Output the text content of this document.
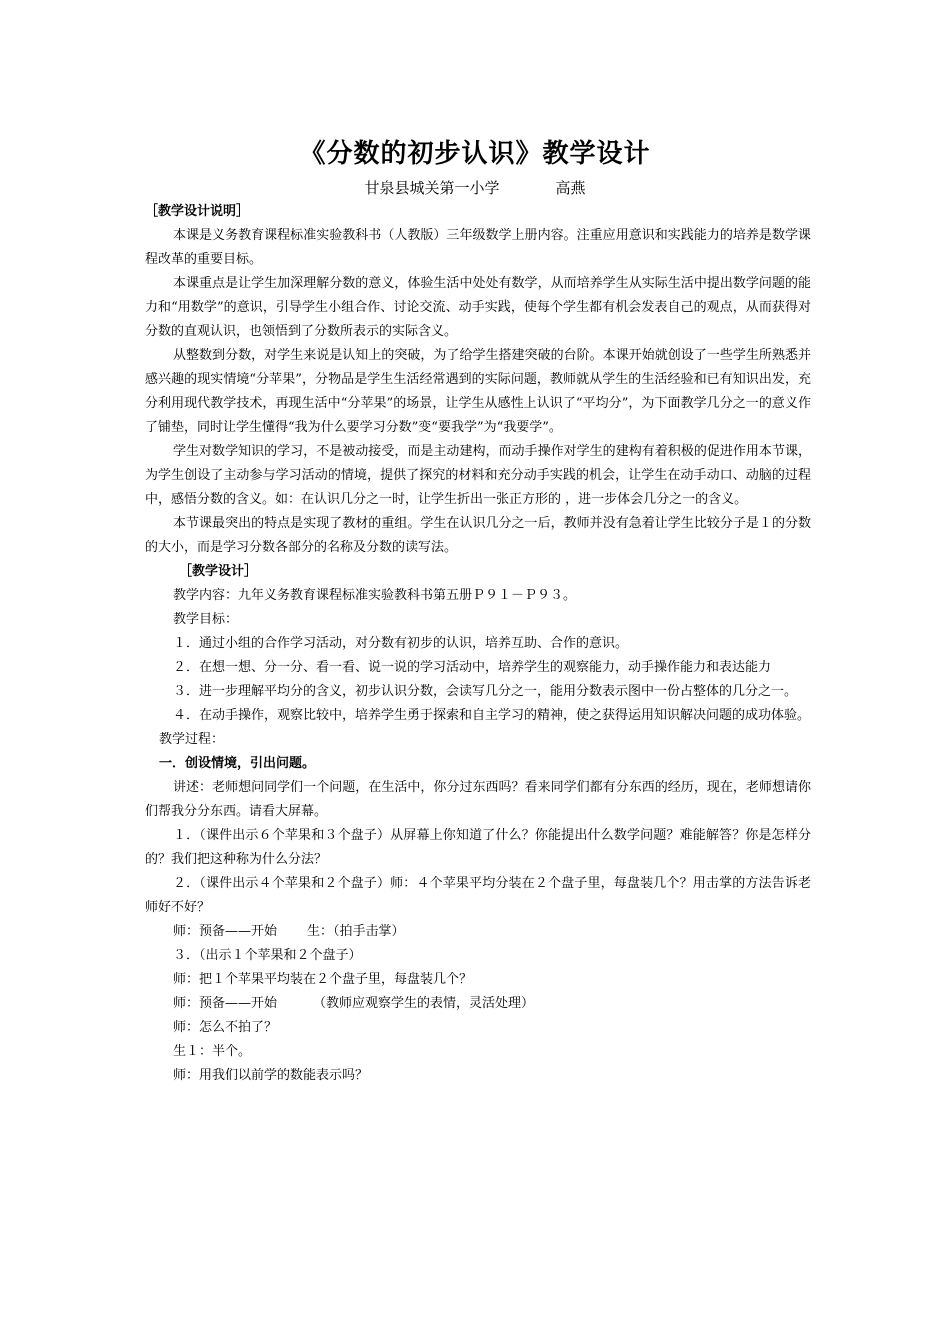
《分数的初步认识》教学设计
甘泉县城关第一小学	高燕

［教学设计说明］

本课是义务教育课程标准实验教科书（人教版）三年级数学上册内容。注重应用意识和实践能力的培养是数学课程改革的重要目标。

本课重点是让学生加深理解分数的意义，体验生活中处处有数学，从而培养学生从实际生活中提出数学问题的能力和“用数学”的意识，引导学生小组合作、讨论交流、动手实践，使每个学生都有机会发表自己的观点，从而获得对分数的直观认识，也领悟到了分数所表示的实际含义。

从整数到分数，对学生来说是认知上的突破，为了给学生搭建突破的台阶。本课开始就创设了一些学生所熟悉并感兴趣的现实情境“分苹果”，分物品是学生生活经常遇到的实际问题，教师就从学生的生活经验和已有知识出发，充分利用现代教学技术，再现生活中“分苹果”的场景，让学生从感性上认识了“平均分”，为下面教学几分之一的意义作了铺垫，同时让学生懂得“我为什么要学习分数”变“要我学”为“我要学”。

学生对数学知识的学习，不是被动接受，而是主动建构，而动手操作对学生的建构有着积极的促进作用本节课，为学生创设了主动参与学习活动的情境，提供了探究的材料和充分动手实践的机会，让学生在动手动口、动脑的过程中，感悟分数的含义。如：在认识几分之一时，让学生折出一张正方形的 ，进一步体会几分之一的含义。

本节课最突出的特点是实现了教材的重组。学生在认识几分之一后，教师并没有急着让学生比较分子是１的分数的大小，而是学习分数各部分的名称及分数的读写法。

［教学设计］

教学内容：九年义务教育课程标准实验教科书第五册Ｐ９１－Ｐ９３。

教学目标：

１．通过小组的合作学习活动，对分数有初步的认识，培养互助、合作的意识。

２．在想一想、分一分、看一看、说一说的学习活动中，培养学生的观察能力，动手操作能力和表达能力

３．进一步理解平均分的含义，初步认识分数，会读写几分之一，能用分数表示图中一份占整体的几分之一。

４．在动手操作，观察比较中，培养学生勇于探索和自主学习的精神，使之获得运用知识解决问题的成功体验。

教学过程：

一．创设情境，引出问题。

讲述：老师想问同学们一个问题，在生活中，你分过东西吗？看来同学们都有分东西的经历，现在，老师想请你们帮我分分东西。请看大屏幕。

１．（课件出示６个苹果和３个盘子）从屏幕上你知道了什么？你能提出什么数学问题？难能解答？你是怎样分的？我们把这种称为什么分法？

２．（课件出示４个苹果和２个盘子）师：４个苹果平均分装在２个盘子里，每盘装几个？用击掌的方法告诉老师好不好？

师：预备——开始 生：（拍手击掌）

３．（出示１个苹果和２个盘子）

师：把１个苹果平均装在２个盘子里，每盘装几个？

师：预备——开始	（教师应观察学生的表情，灵活处理）

师：怎么不拍了？

生１：半个。

师：用我们以前学的数能表示吗？
